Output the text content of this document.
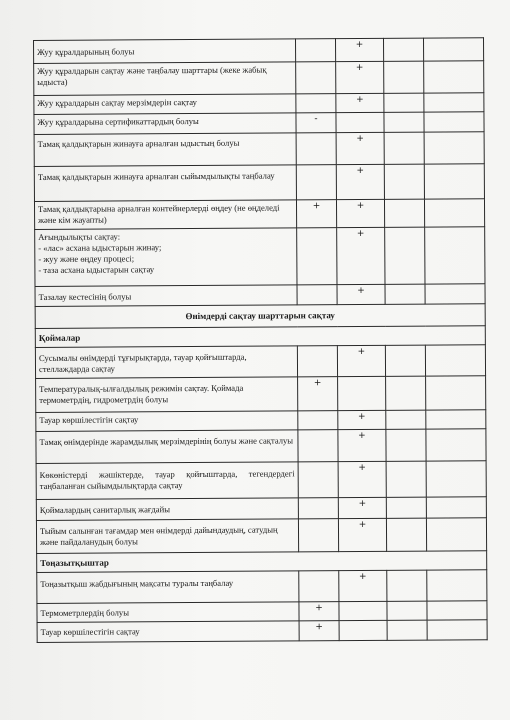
Жуу құралдарының болуы		+		
Жуу құралдарын сақтау және таңбалау шарттары (жеке жабық ыдыста)		+		
Жуу құралдарын сақтау мерзімдерін сақтау		+		
Жуу құралдарына сертификаттардың болуы	-			
Тамақ қалдықтарын жинауға арналған ыдыстың болуы		+		
Тамақ қалдықтарын жинауға арналған сыйымдылықты таңбалау		+		
Тамақ қалдықтарына арналған контейнерлерді өңдеу (не өңделеді және кім жауапты)	+	+		
Ағындылықты сақтау:
- «лас» асхана ыдыстарын жинау;
- жуу және өңдеу процесі;
- таза асхана ыдыстарын сақтау		+		
Тазалау кестесінің болуы		+		
Өнімдерді сақтау шарттарын сақтау				
Қоймалар				
Сусымалы өнімдерді тұғырықтарда, тауар қойғыштарда, стеллаждарда сақтау		+		
Температуралық-ылғалдылық режимін сақтау. Қоймада термометрдің, гидрометрдің болуы	+			
Тауар көршілестігін сақтау		+		
Тамақ өнімдерінде жарамдылық мерзімдерінің болуы және сақталуы		+		
Көкөністерді жәшіктерде, тауар қойғыштарда, тегендердегі таңбаланған сыйымдылықтарда сақтау		+		
Қоймалардың санитарлық жағдайы		+		
Тыйым салынған тағамдар мен өнімдерді дайындаудың, сатудың және пайдаланудың болуы		+		
Тоңазытқыштар				
Тоңазытқыш жабдығының мақсаты туралы таңбалау		+		
Термометрлердің болуы	+			
Тауар көршілестігін сақтау	+			
